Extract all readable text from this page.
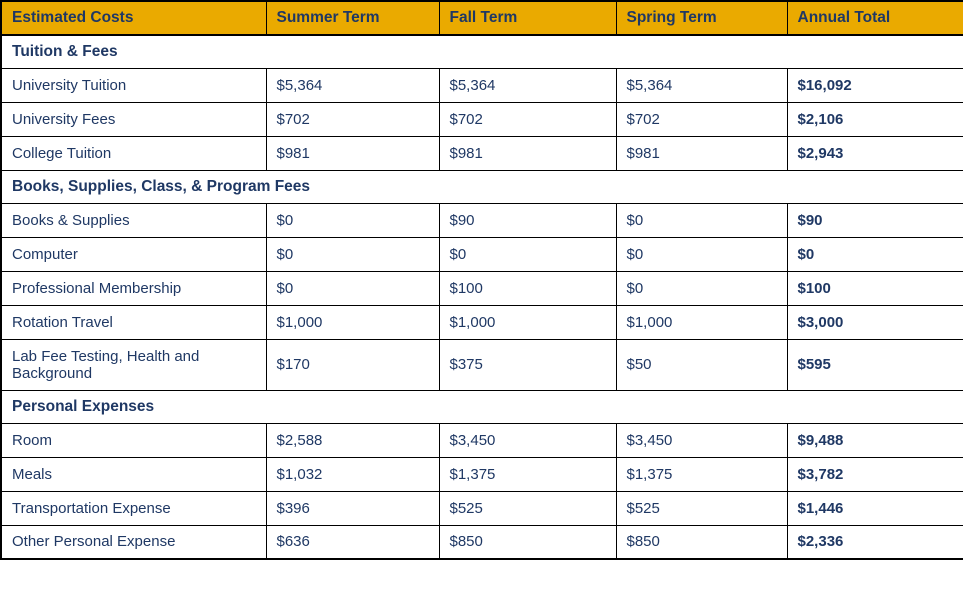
Estimated Costs	Summer Term	Fall Term	Spring Term	Annual Total
Tuition & Fees				
University Tuition	$5,364	$5,364	$5,364	$16,092
University Fees	$702	$702	$702	$2,106
College Tuition	$981	$981	$981	$2,943
Books, Supplies, Class, & Program Fees				
Books & Supplies	$0	$90	$0	$90
Computer	$0	$0	$0	$0
Professional Membership	$0	$100	$0	$100
Rotation Travel	$1,000	$1,000	$1,000	$3,000
Lab Fee Testing, Health and Background	$170	$375	$50	$595
Personal Expenses				
Room	$2,588	$3,450	$3,450	$9,488
Meals	$1,032	$1,375	$1,375	$3,782
Transportation Expense	$396	$525	$525	$1,446
Other Personal Expense	$636	$850	$850	$2,336
